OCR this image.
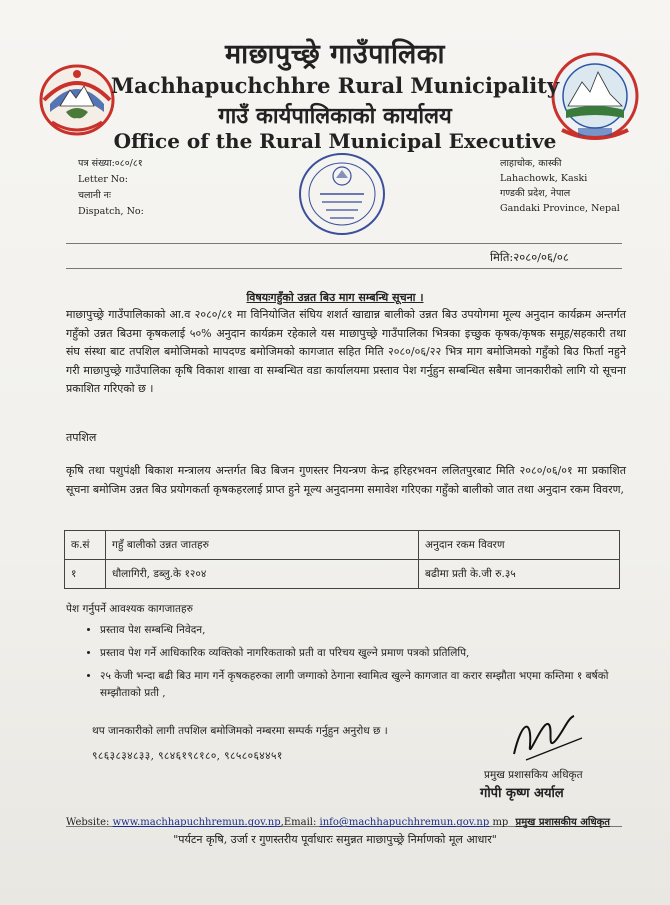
माछापुच्छ्रे गाउँपालिका
Machhapuchchhre Rural Municipality
गाउँ कार्यपालिकाको कार्यालय
Office of the Rural Municipal Executive
पत्र संख्या:०८०/८१
Letter No:
चलानी नः
Dispatch, No:
लाहाचोक, कास्की
Lahachowk, Kaski
गण्डकी प्रदेश, नेपाल
Gandaki Province, Nepal
मिति:२०८०/०६/०८
विषयःगहुँको उन्नत बिउ माग सम्बन्धि सूचना ।
माछापुच्छ्रे गाउँपालिकाको आ.व २०८०/८१ मा विनियोजित संघिय शशर्त खाद्यान्न बालीको उन्नत बिउ उपयोगमा मूल्य अनुदान कार्यक्रम अन्तर्गत गहुँको उन्नत बिउमा कृषकलाई ५०% अनुदान कार्यक्रम रहेकाले यस माछापुच्छ्रे गाउँपालिका भित्रका इच्छुक कृषक/कृषक समूह/सहकारी तथा संघ संस्था बाट तपशिल बमोजिमको मापदण्ड बमोजिमको कागजात सहित मिति २०८०/०६/२२ भित्र माग बमोजिमको गहुँको बिउ फिर्ता नहुने गरी माछापुच्छ्रे गाउँपालिका कृषि विकाश शाखा वा सम्बन्धित वडा कार्यालयमा प्रस्ताव पेश गर्नुहुन सम्बन्धित सबैमा जानकारीको लागि यो सूचना प्रकाशित गरिएको छ ।
तपशिल
कृषि तथा पशुपंक्षी बिकाश मन्त्रालय अन्तर्गत बिउ बिजन गुणस्तर नियन्त्रण केन्द्र हरिहरभवन ललितपुरबाट मिति २०८०/०६/०१ मा प्रकाशित सूचना बमोजिम उन्नत बिउ प्रयोगकर्ता कृषकहरलाई प्राप्त हुने मूल्य अनुदानमा समावेश गरिएका गहुँको बालीको जात तथा अनुदान रकम विवरण,
क.सं	गहुँ बालीको उन्नत जातहरु	अनुदान रकम विवरण
१	धौलागिरी, डब्लु.के १२०४	बढीमा प्रती के.जी रु.३५
पेश गर्नुपर्ने आवश्यक कागजातहरु
• प्रस्ताव पेश सम्बन्धि निवेदन,
• प्रस्ताव पेश गर्ने आधिकारिक व्यक्तिको नागरिकताको प्रती वा परिचय खुल्ने प्रमाण पत्रको प्रतिलिपि,
• २५ केजी भन्दा बढी बिउ माग गर्ने कृषकहरुका लागी जग्गाको ठेगाना स्वामित्व खुल्ने कागजात वा करार सम्झौता भएमा कम्तिमा १ बर्षको सम्झौताको प्रती ,
थप जानकारीको लागी तपशिल बमोजिमको नम्बरमा सम्पर्क गर्नुहुन अनुरोध छ ।
९८६३८३४८३३, ९८४६१९८१८०, ९८५८०६४४५१
प्रमुख प्रशासकिय अधिकृत
गोपी कृष्ण अर्याल
Website: www.machhapuchhremun.gov.np,Email: info@machhapuchhremun.gov.np mp प्रमुख प्रशासकीय अधिकृत
"पर्यटन कृषि, उर्जा र गुणस्तरीय पूर्वाधारः समुन्नत माछापुच्छ्रे निर्माणको मूल आधार"
